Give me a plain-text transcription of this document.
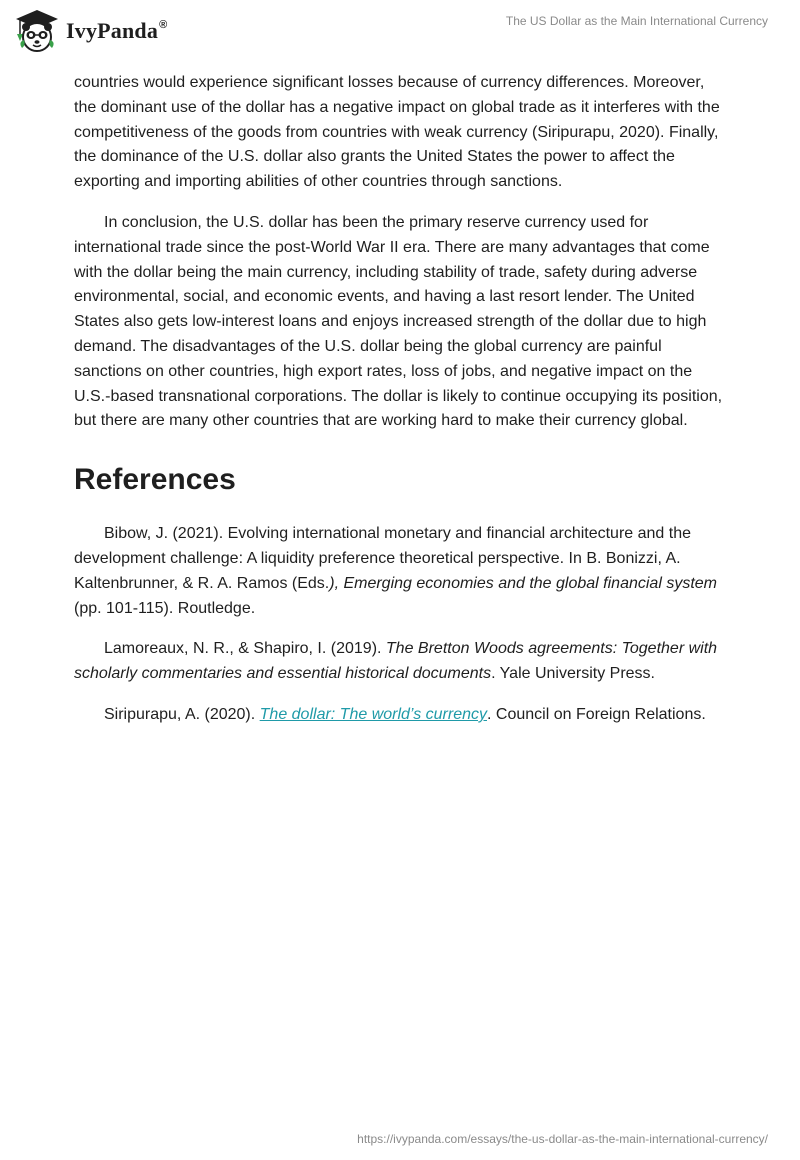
IvyPanda®	The US Dollar as the Main International Currency

countries would experience significant losses because of currency differences. Moreover, the dominant use of the dollar has a negative impact on global trade as it interferes with the competitiveness of the goods from countries with weak currency (Siripurapu, 2020). Finally, the dominance of the U.S. dollar also grants the United States the power to affect the exporting and importing abilities of other countries through sanctions.

In conclusion, the U.S. dollar has been the primary reserve currency used for international trade since the post-World War II era. There are many advantages that come with the dollar being the main currency, including stability of trade, safety during adverse environmental, social, and economic events, and having a last resort lender. The United States also gets low-interest loans and enjoys increased strength of the dollar due to high demand. The disadvantages of the U.S. dollar being the global currency are painful sanctions on other countries, high export rates, loss of jobs, and negative impact on the U.S.-based transnational corporations. The dollar is likely to continue occupying its position, but there are many other countries that are working hard to make their currency global.

References

Bibow, J. (2021). Evolving international monetary and financial architecture and the development challenge: A liquidity preference theoretical perspective. In B. Bonizzi, A. Kaltenbrunner, & R. A. Ramos (Eds.), Emerging economies and the global financial system (pp. 101-115). Routledge.

Lamoreaux, N. R., & Shapiro, I. (2019). The Bretton Woods agreements: Together with scholarly commentaries and essential historical documents. Yale University Press.

Siripurapu, A. (2020). The dollar: The world’s currency. Council on Foreign Relations.

https://ivypanda.com/essays/the-us-dollar-as-the-main-international-currency/
